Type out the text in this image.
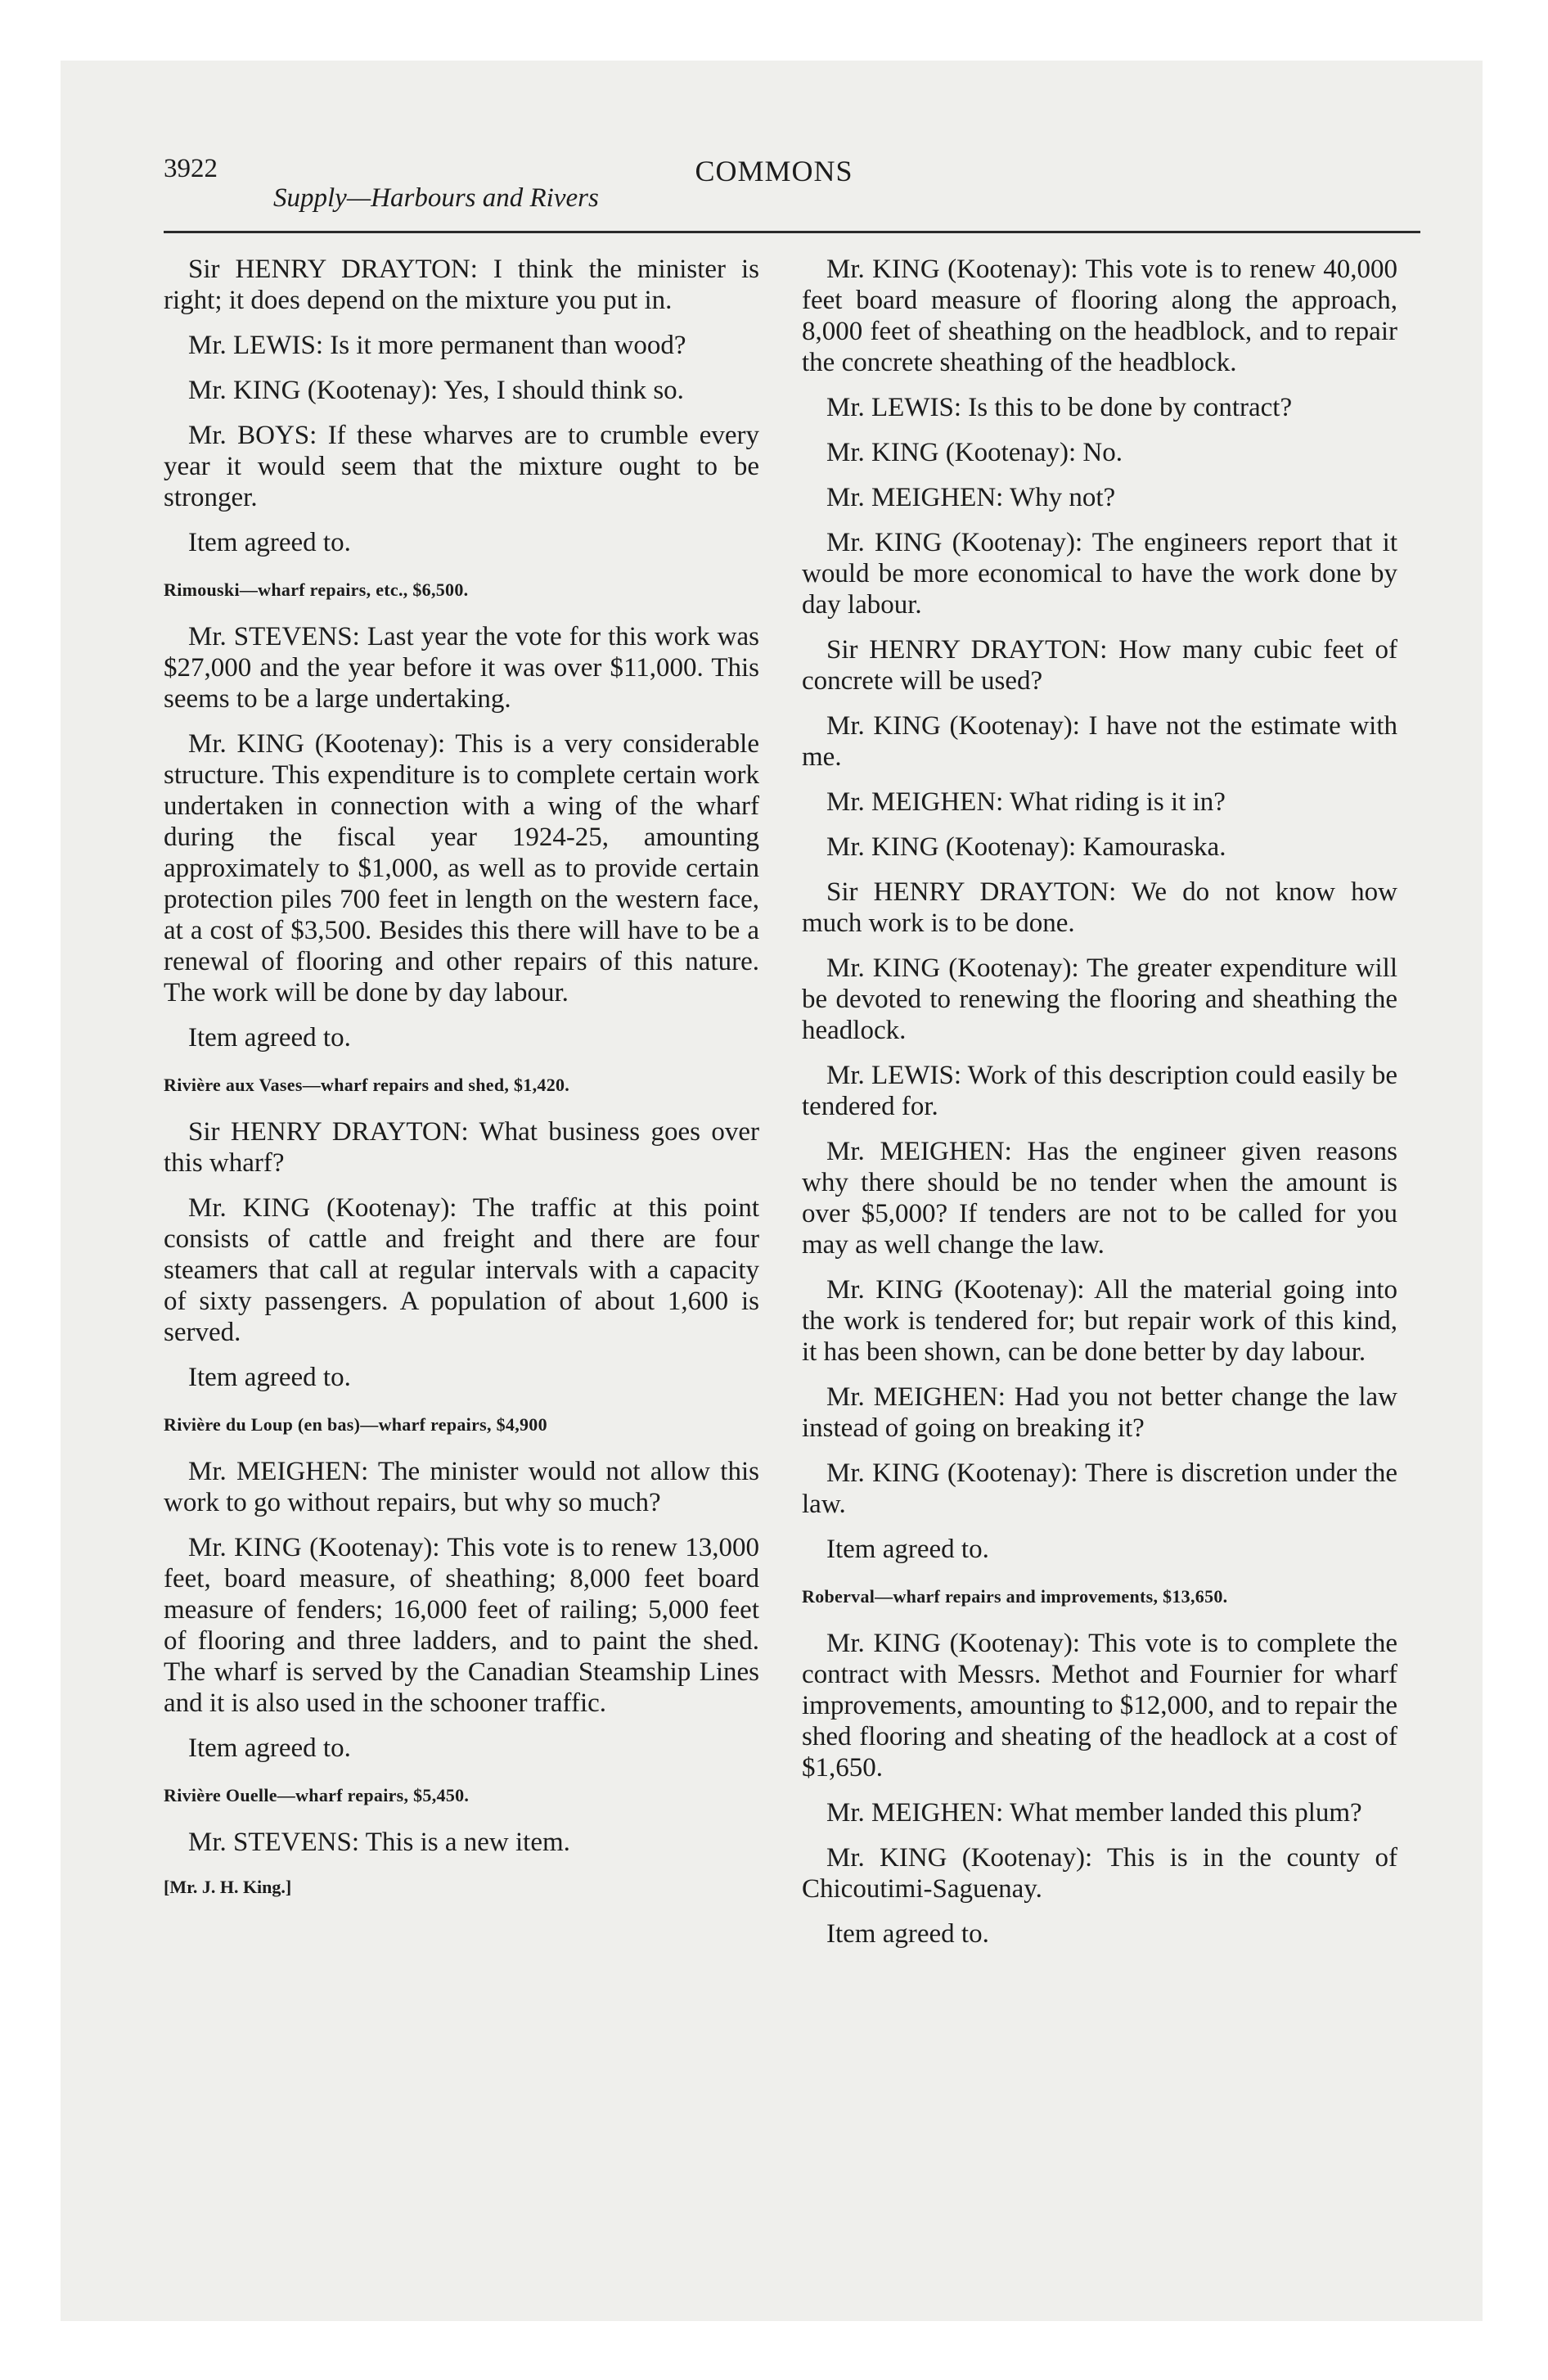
3922	COMMONS
Supply—Harbours and Rivers

Sir HENRY DRAYTON: I think the minister is right; it does depend on the mixture you put in.

Mr. LEWIS: Is it more permanent than wood?

Mr. KING (Kootenay): Yes, I should think so.

Mr. BOYS: If these wharves are to crumble every year it would seem that the mixture ought to be stronger.

Item agreed to.

Rimouski—wharf repairs, etc., $6,500.

Mr. STEVENS: Last year the vote for this work was $27,000 and the year before it was over $11,000. This seems to be a large undertaking.

Mr. KING (Kootenay): This is a very considerable structure. This expenditure is to complete certain work undertaken in connection with a wing of the wharf during the fiscal year 1924-25, amounting approximately to $1,000, as well as to provide certain protection piles 700 feet in length on the western face, at a cost of $3,500. Besides this there will have to be a renewal of flooring and other repairs of this nature. The work will be done by day labour.

Item agreed to.

Rivière aux Vases—wharf repairs and shed, $1,420.

Sir HENRY DRAYTON: What business goes over this wharf?

Mr. KING (Kootenay): The traffic at this point consists of cattle and freight and there are four steamers that call at regular intervals with a capacity of sixty passengers. A population of about 1,600 is served.

Item agreed to.

Rivière du Loup (en bas)—wharf repairs, $4,900

Mr. MEIGHEN: The minister would not allow this work to go without repairs, but why so much?

Mr. KING (Kootenay): This vote is to renew 13,000 feet, board measure, of sheathing; 8,000 feet board measure of fenders; 16,000 feet of railing; 5,000 feet of flooring and three ladders, and to paint the shed. The wharf is served by the Canadian Steamship Lines and it is also used in the schooner traffic.

Item agreed to.

Rivière Ouelle—wharf repairs, $5,450.

Mr. STEVENS: This is a new item.

[Mr. J. H. King.]

Mr. KING (Kootenay): This vote is to renew 40,000 feet board measure of flooring along the approach, 8,000 feet of sheathing on the headblock, and to repair the concrete sheathing of the headblock.

Mr. LEWIS: Is this to be done by contract?

Mr. KING (Kootenay): No.

Mr. MEIGHEN: Why not?

Mr. KING (Kootenay): The engineers report that it would be more economical to have the work done by day labour.

Sir HENRY DRAYTON: How many cubic feet of concrete will be used?

Mr. KING (Kootenay): I have not the estimate with me.

Mr. MEIGHEN: What riding is it in?

Mr. KING (Kootenay): Kamouraska.

Sir HENRY DRAYTON: We do not know how much work is to be done.

Mr. KING (Kootenay): The greater expenditure will be devoted to renewing the flooring and sheathing the headlock.

Mr. LEWIS: Work of this description could easily be tendered for.

Mr. MEIGHEN: Has the engineer given reasons why there should be no tender when the amount is over $5,000? If tenders are not to be called for you may as well change the law.

Mr. KING (Kootenay): All the material going into the work is tendered for; but repair work of this kind, it has been shown, can be done better by day labour.

Mr. MEIGHEN: Had you not better change the law instead of going on breaking it?

Mr. KING (Kootenay): There is discretion under the law.

Item agreed to.

Roberval—wharf repairs and improvements, $13,650.

Mr. KING (Kootenay): This vote is to complete the contract with Messrs. Methot and Fournier for wharf improvements, amounting to $12,000, and to repair the shed flooring and sheating of the headlock at a cost of $1,650.

Mr. MEIGHEN: What member landed this plum?

Mr. KING (Kootenay): This is in the county of Chicoutimi-Saguenay.

Item agreed to.
